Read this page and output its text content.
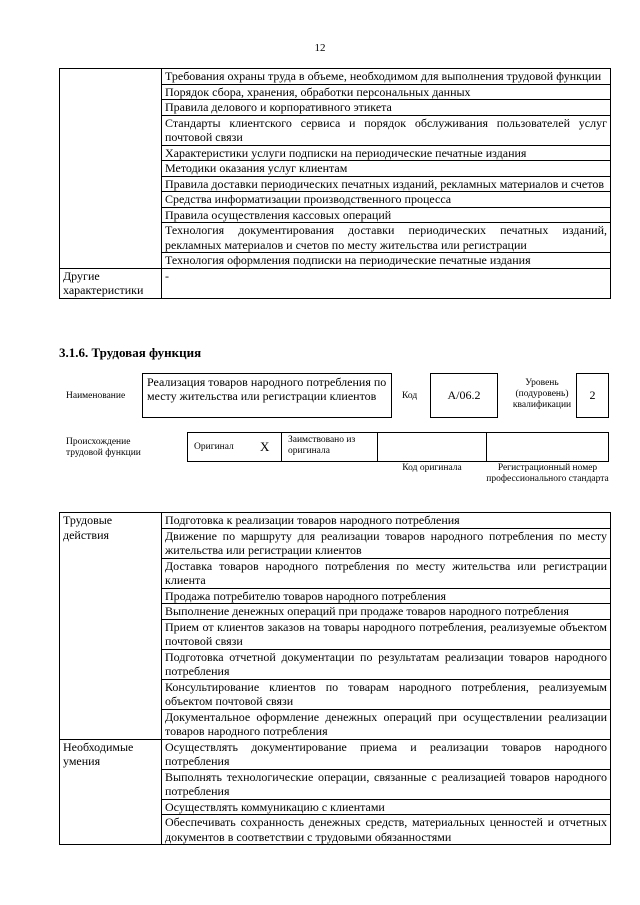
12
	Требования охраны труда в объеме, необходимом для выполнения трудовой функции
	Порядок сбора, хранения, обработки персональных данных
	Правила делового и корпоративного этикета
	Стандарты клиентского сервиса и порядок обслуживания пользователей услуг почтовой связи
	Характеристики услуги подписки на периодические печатные издания
	Методики оказания услуг клиентам
	Правила доставки периодических печатных изданий, рекламных материалов и счетов
	Средства информатизации производственного процесса
	Правила осуществления кассовых операций
	Технология документирования доставки периодических печатных изданий, рекламных материалов и счетов по месту жительства или регистрации
	Технология оформления подписки на периодические печатные издания
Другие характеристики	-
3.1.6. Трудовая функция
Наименование
Реализация товаров народного потребления по месту жительства или регистрации клиентов	Код	A/06.2
Уровень (подуровень) квалификации
2
Происхождение трудовой функции
Оригинал X	Заимствовано из оригинала
Код оригинала	Регистрационный номер профессионального стандарта
Трудовые действия	Подготовка к реализации товаров народного потребления
	Движение по маршруту для реализации товаров народного потребления по месту жительства или регистрации клиентов
	Доставка товаров народного потребления по месту жительства или регистрации клиента
	Продажа потребителю товаров народного потребления
	Выполнение денежных операций при продаже товаров народного потребления
	Прием от клиентов заказов на товары народного потребления, реализуемые объектом почтовой связи
	Подготовка отчетной документации по результатам реализации товаров народного потребления
	Консультирование клиентов по товарам народного потребления, реализуемым объектом почтовой связи
	Документальное оформление денежных операций при осуществлении реализации товаров народного потребления
Необходимые умения	Осуществлять документирование приема и реализации товаров народного потребления
	Выполнять технологические операции, связанные с реализацией товаров народного потребления
	Осуществлять коммуникацию с клиентами
	Обеспечивать сохранность денежных средств, материальных ценностей и отчетных документов в соответствии с трудовыми обязанностями
